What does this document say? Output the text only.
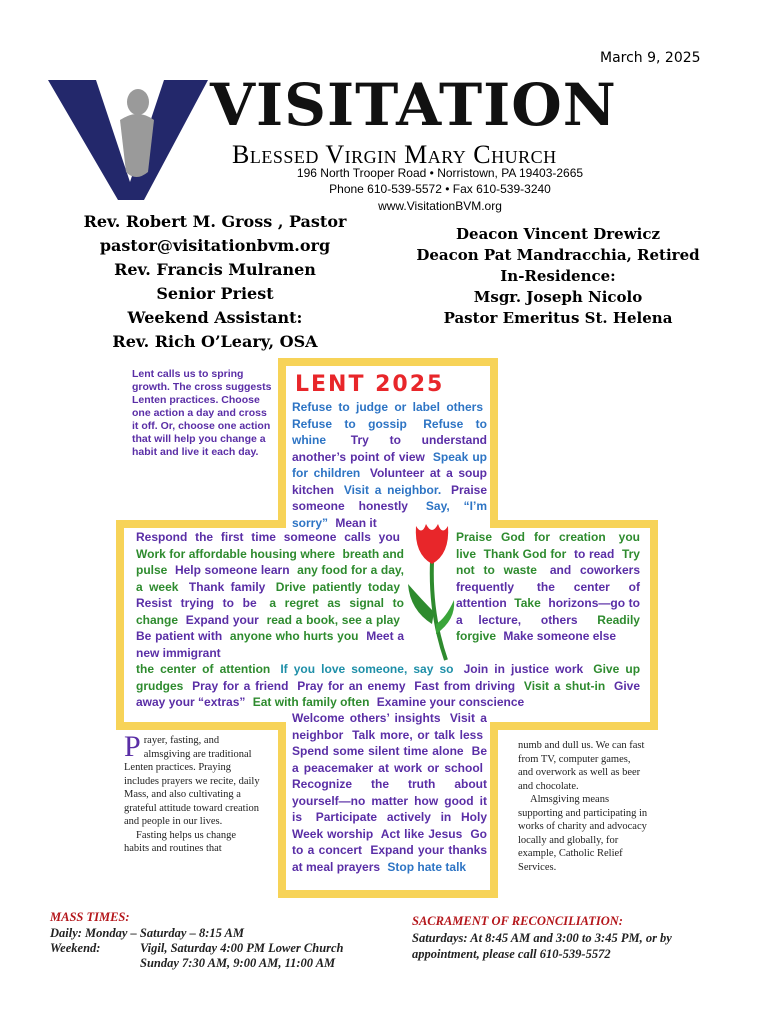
March 9, 2025
VISITATION
Blessed Virgin Mary Church
196 North Trooper Road • Norristown, PA 19403-2665
Phone 610-539-5572 • Fax 610-539-3240
www.VisitationBVM.org
Rev. Robert M. Gross , Pastor
pastor@visitationbvm.org
Rev. Francis Mulranen
Senior Priest
Weekend Assistant:
Rev. Rich O’Leary, OSA
Deacon Vincent Drewicz
Deacon Pat Mandracchia, Retired
In-Residence:
Msgr. Joseph Nicolo
Pastor Emeritus St. Helena
Lent calls us to spring growth. The cross suggests Lenten practices. Choose one action a day and cross it off. Or, choose one action that will help you change a habit and live it each day.
LENT 2025
Refuse to judge or label others Refuse to gossip Refuse to whine Try to understand another’s point of view Speak up for children Volunteer at a soup kitchen Visit a neighbor. Praise someone honestly Say, “I’m sorry” Mean it
Respond the first time someone calls you Work for affordable housing where breath and pulse Help someone learn any food for a day, a week Thank family Drive patiently today Resist trying to be a regret as signal to change Expand your read a book, see a play Be patient with anyone who hurts you Meet a new immigrant
Praise God for creation you live Thank God for to read Try not to waste and coworkers frequently the center of attention Take horizons—go to a lecture, others Readily forgive Make someone else
the center of attention If you love someone, say so Join in justice work Give up grudges Pray for a friend Pray for an enemy Fast from driving Visit a shut-in Give away your “extras” Eat with family often Examine your conscience
Welcome others’ insights Visit a neighbor Talk more, or talk less Spend some silent time alone Be a peacemaker at work or school Recognize the truth about yourself—no matter how good it is Participate actively in Holy Week worship Act like Jesus Go to a concert Expand your thanks at meal prayers Stop hate talk
P rayer, fasting, and almsgiving are traditional Lenten practices. Praying includes prayers we recite, daily Mass, and also cultivating a grateful attitude toward creation and people in our lives.
Fasting helps us change habits and routines that
numb and dull us. We can fast from TV, computer games, and overwork as well as beer and chocolate.
Almsgiving means supporting and participating in works of charity and advocacy locally and globally, for example, Catholic Relief Services.
MASS TIMES:
Daily: Monday – Saturday – 8:15 AM
Weekend:	Vigil, Saturday 4:00 PM Lower Church
Sunday 7:30 AM, 9:00 AM, 11:00 AM
SACRAMENT OF RECONCILIATION:
Saturdays: At 8:45 AM and 3:00 to 3:45 PM, or by appointment, please call 610-539-5572
